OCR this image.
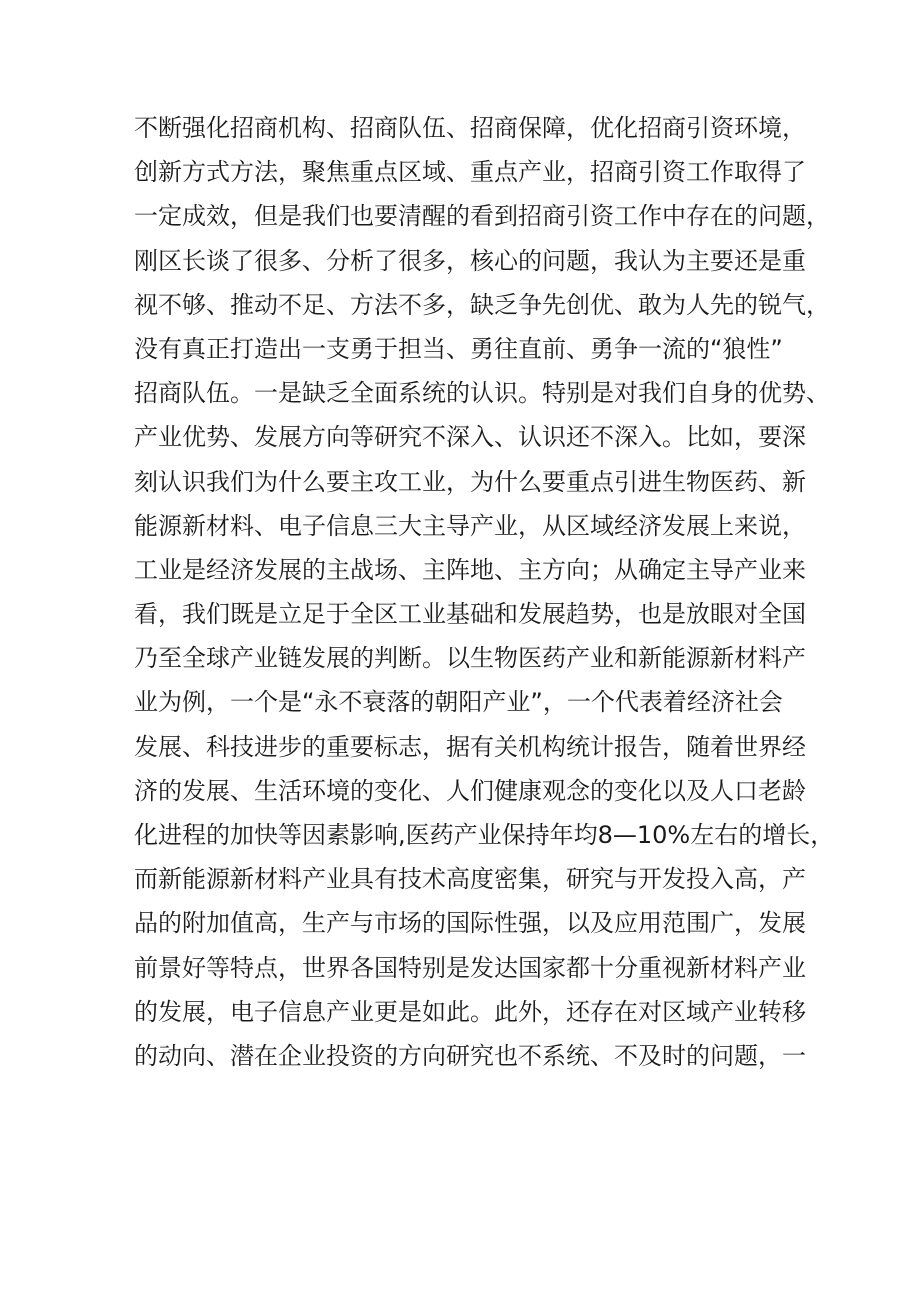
不断强化招商机构、招商队伍、招商保障，优化招商引资环境，
创新方式方法，聚焦重点区域、重点产业，招商引资工作取得了
一定成效，但是我们也要清醒的看到招商引资工作中存在的问题，
刚区长谈了很多、分析了很多，核心的问题，我认为主要还是重
视不够、推动不足、方法不多，缺乏争先创优、敢为人先的锐气，
没有真正打造出一支勇于担当、勇往直前、勇争一流的“狼性”
招商队伍。一是缺乏全面系统的认识。特别是对我们自身的优势、
产业优势、发展方向等研究不深入、认识还不深入。比如，要深
刻认识我们为什么要主攻工业，为什么要重点引进生物医药、新
能源新材料、电子信息三大主导产业，从区域经济发展上来说，
工业是经济发展的主战场、主阵地、主方向；从确定主导产业来
看，我们既是立足于全区工业基础和发展趋势，也是放眼对全国
乃至全球产业链发展的判断。以生物医药产业和新能源新材料产
业为例，一个是“永不衰落的朝阳产业”，一个代表着经济社会
发展、科技进步的重要标志，据有关机构统计报告，随着世界经
济的发展、生活环境的变化、人们健康观念的变化以及人口老龄
化进程的加快等因素影响,医药产业保持年均8—10%左右的增长，
而新能源新材料产业具有技术高度密集，研究与开发投入高，产
品的附加值高，生产与市场的国际性强，以及应用范围广，发展
前景好等特点，世界各国特别是发达国家都十分重视新材料产业
的发展，电子信息产业更是如此。此外，还存在对区域产业转移
的动向、潜在企业投资的方向研究也不系统、不及时的问题，一
